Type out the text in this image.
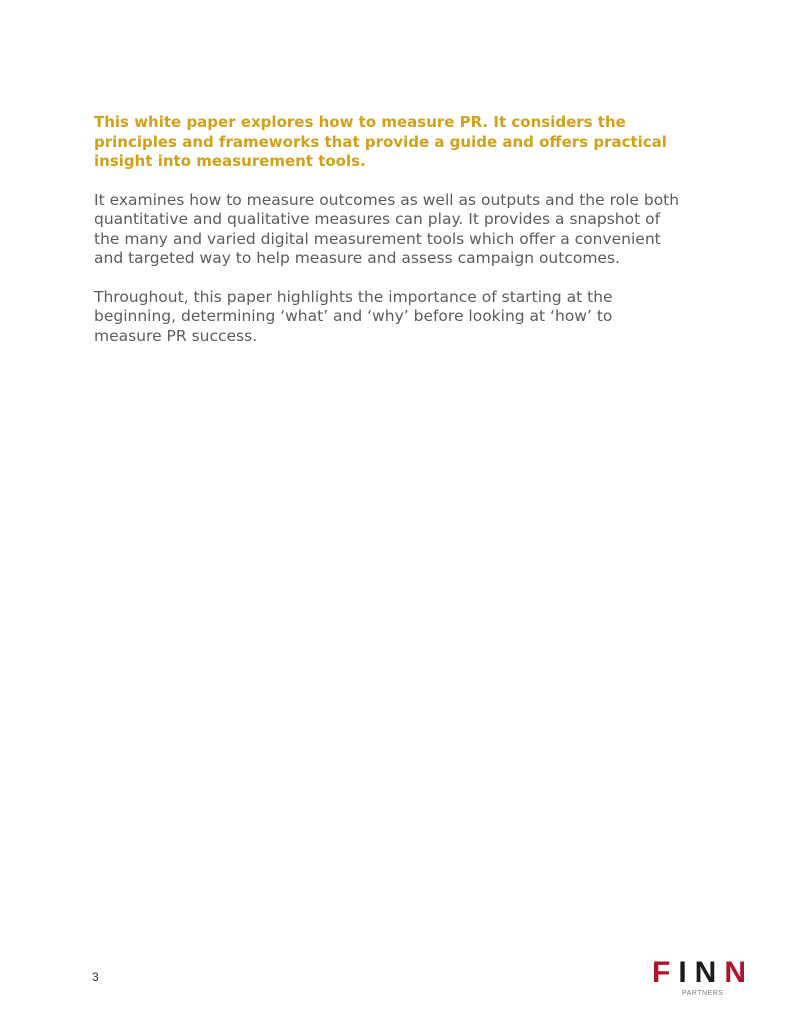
This white paper explores how to measure PR. It considers the principles and frameworks that provide a guide and offers practical insight into measurement tools.

It examines how to measure outcomes as well as outputs and the role both quantitative and qualitative measures can play. It provides a snapshot of the many and varied digital measurement tools which offer a convenient and targeted way to help measure and assess campaign outcomes.

Throughout, this paper highlights the importance of starting at the beginning, determining ‘what’ and ‘why’ before looking at ‘how’ to measure PR success.

3	FINN
PARTNERS
